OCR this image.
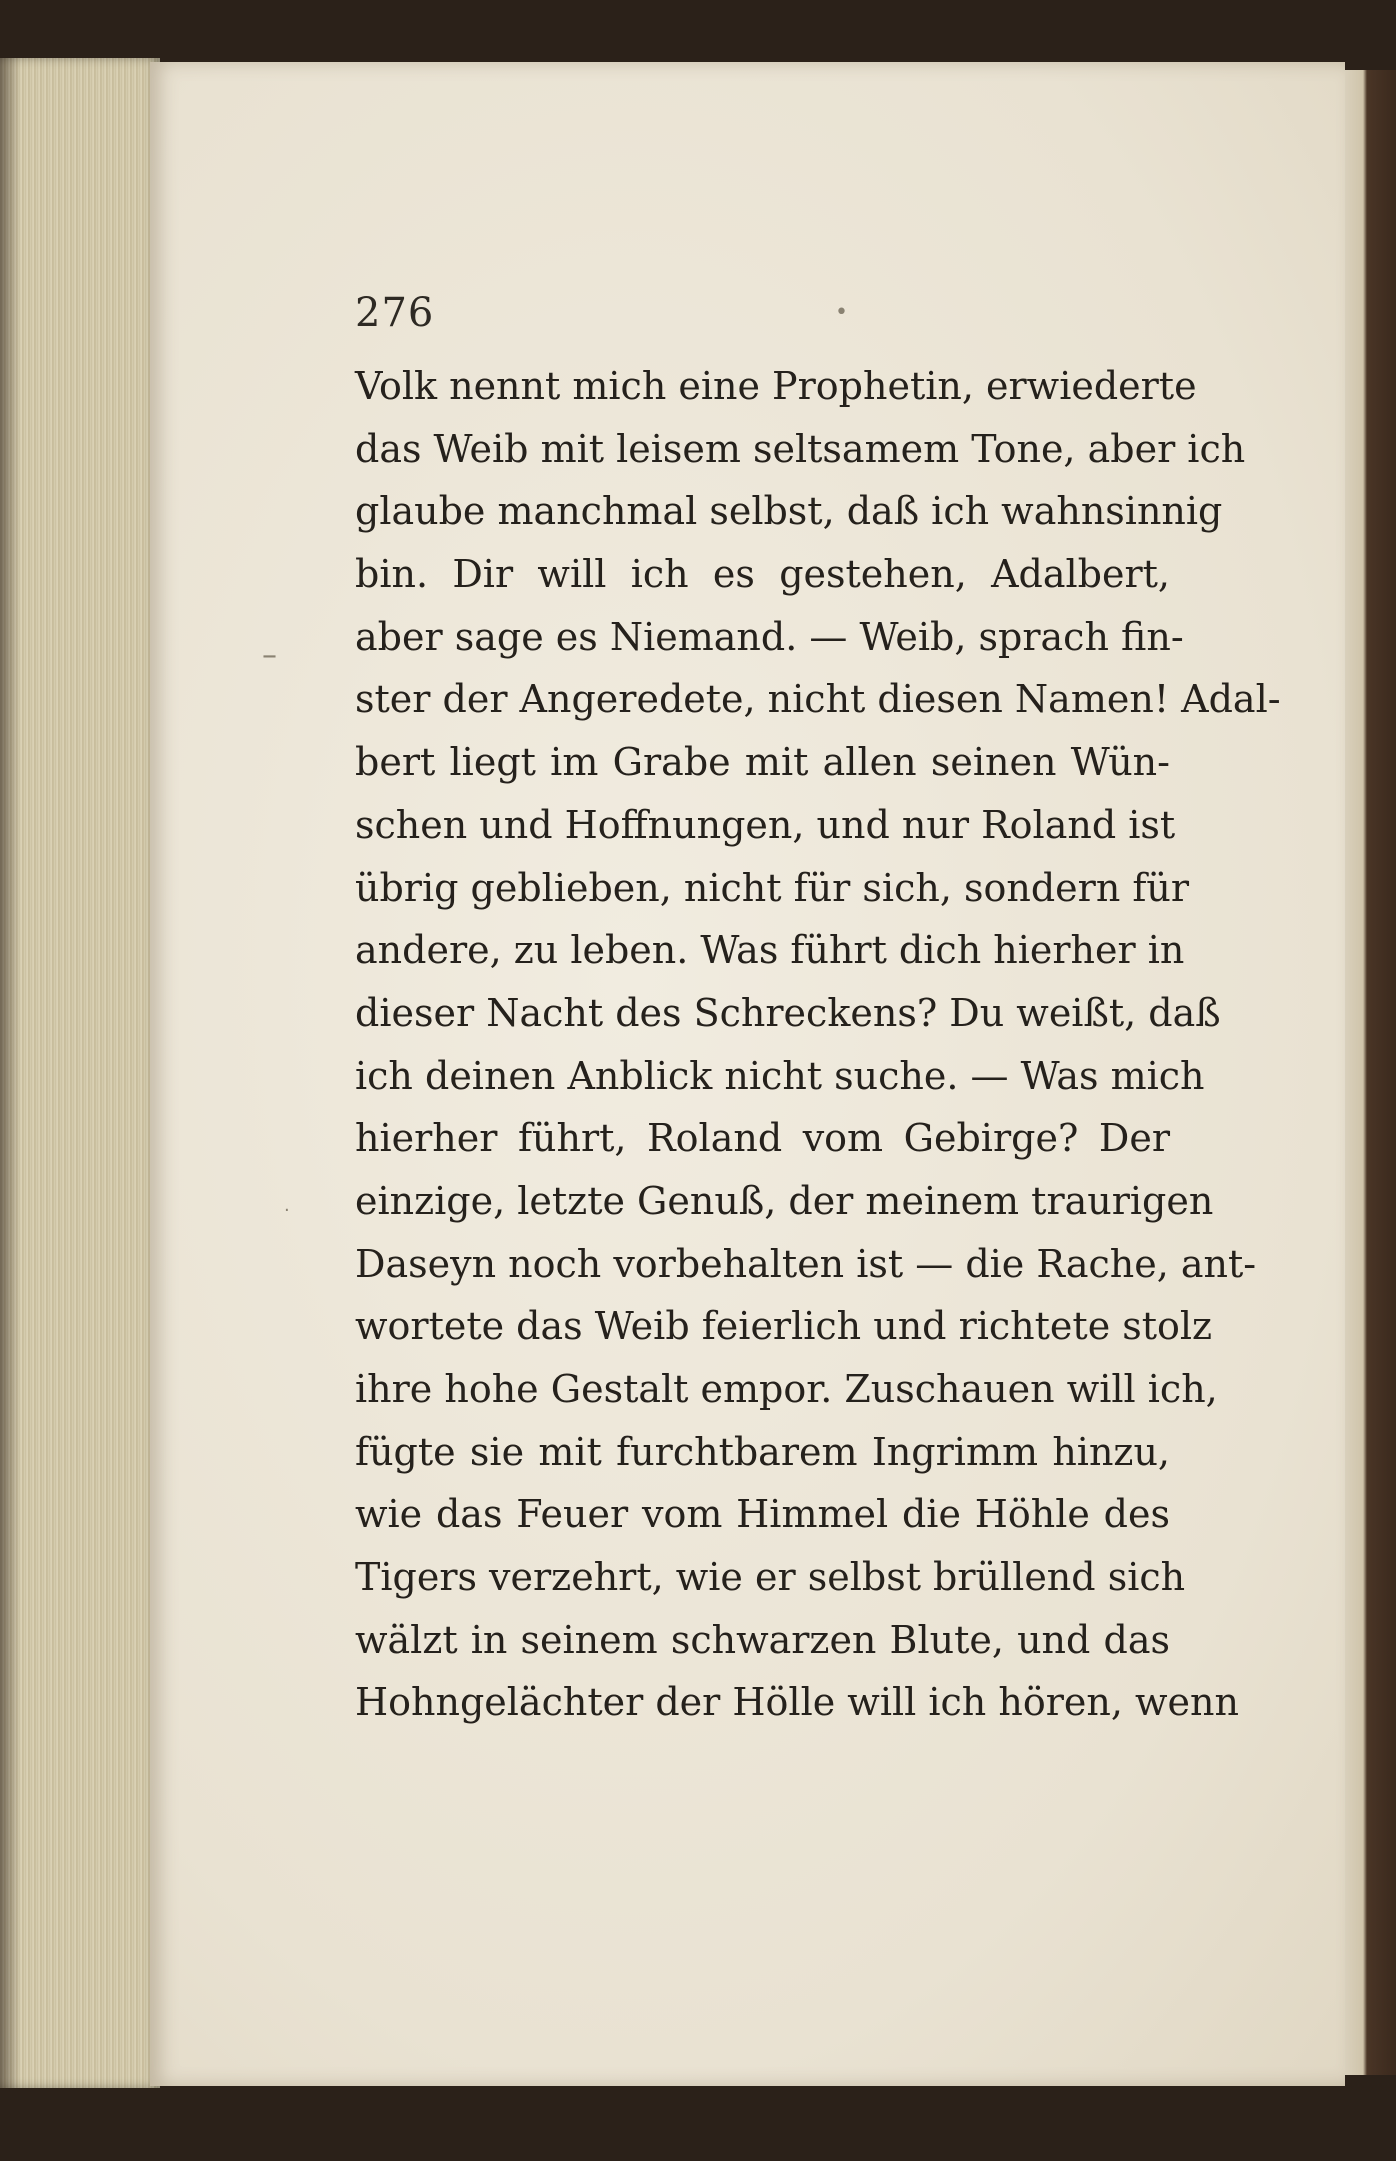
–
·
•
276
Volk nennt mich eine Prophetin, erwiederte
das Weib mit leisem seltsamem Tone, aber ich
glaube manchmal selbst, daß ich wahnsinnig
bin. Dir will ich es gestehen, Adalbert,
aber sage es Niemand. — Weib, sprach fin-
ster der Angeredete, nicht diesen Namen! Adal-
bert liegt im Grabe mit allen seinen Wün-
schen und Hoffnungen, und nur Roland ist
übrig geblieben, nicht für sich, sondern für
andere, zu leben. Was führt dich hierher in
dieser Nacht des Schreckens? Du weißt, daß
ich deinen Anblick nicht suche. — Was mich
hierher führt, Roland vom Gebirge? Der
einzige, letzte Genuß, der meinem traurigen
Daseyn noch vorbehalten ist — die Rache, ant-
wortete das Weib feierlich und richtete stolz
ihre hohe Gestalt empor. Zuschauen will ich,
fügte sie mit furchtbarem Ingrimm hinzu,
wie das Feuer vom Himmel die Höhle des
Tigers verzehrt, wie er selbst brüllend sich
wälzt in seinem schwarzen Blute, und das
Hohngelächter der Hölle will ich hören, wenn
